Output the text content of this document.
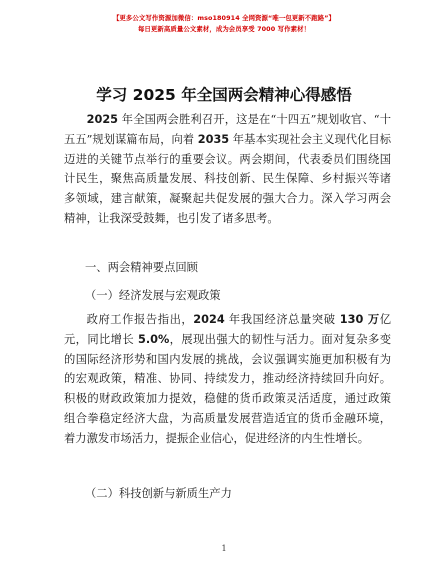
【更多公文写作资源加微信：mso180914 全网资源“唯一包更新不跑路”】
每日更新高质量公文素材，成为会员享受 7000 写作素材！
学习 2025 年全国两会精神心得感悟

2025 年全国两会胜利召开，这是在“十四五”规划收官、“十五五”规划谋篇布局，向着 2035 年基本实现社会主义现代化目标迈进的关键节点举行的重要会议。两会期间，代表委员们围绕国计民生，聚焦高质量发展、科技创新、民生保障、乡村振兴等诸多领域，建言献策，凝聚起共促发展的强大合力。深入学习两会精神，让我深受鼓舞，也引发了诸多思考。

一、两会精神要点回顾

（一）经济发展与宏观政策

政府工作报告指出，2024 年我国经济总量突破 130 万亿元，同比增长 5.0%，展现出强大的韧性与活力。面对复杂多变的国际经济形势和国内发展的挑战，会议强调实施更加积极有为的宏观政策，精准、协同、持续发力，推动经济持续回升向好。积极的财政政策加力提效，稳健的货币政策灵活适度，通过政策组合拳稳定经济大盘，为高质量发展营造适宜的货币金融环境，着力激发市场活力，提振企业信心，促进经济的内生性增长。

（二）科技创新与新质生产力

1
